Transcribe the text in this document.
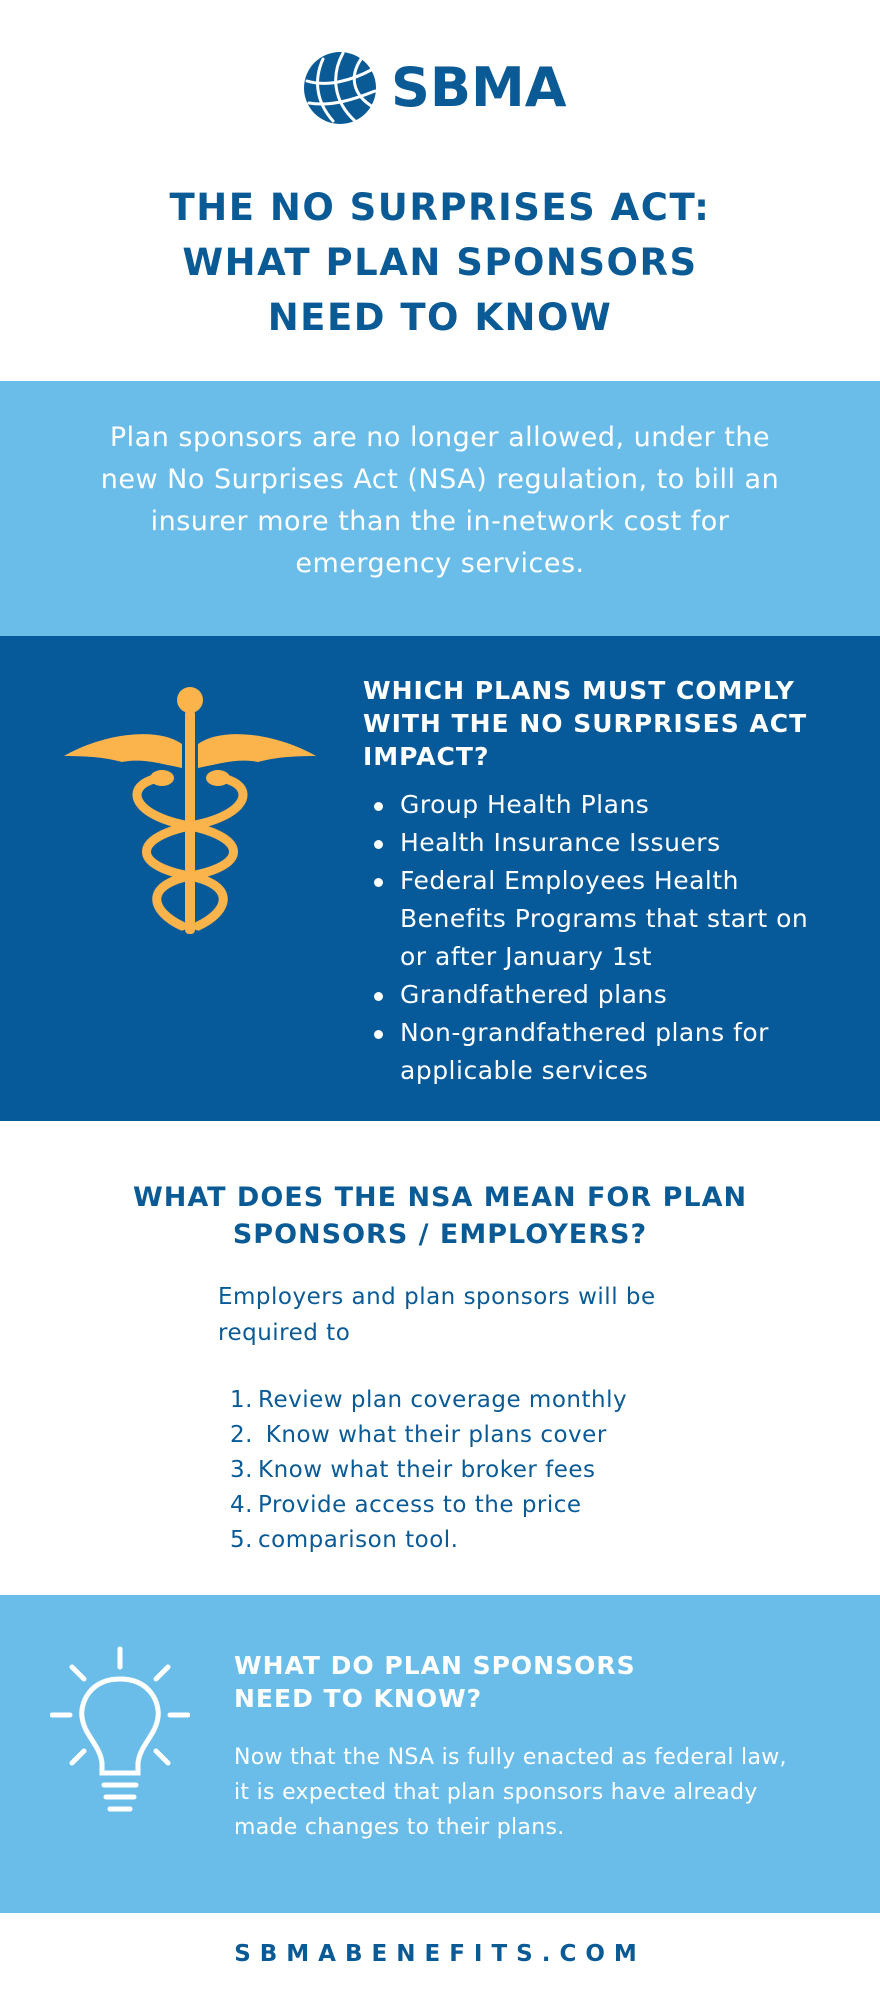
SBMA
THE NO SURPRISES ACT:
WHAT PLAN SPONSORS
NEED TO KNOW

Plan sponsors are no longer allowed, under the new No Surprises Act (NSA) regulation, to bill an insurer more than the in-network cost for emergency services.

WHICH PLANS MUST COMPLY WITH THE NO SURPRISES ACT IMPACT?
Group Health Plans
Health Insurance Issuers
Federal Employees Health Benefits Programs that start on or after January 1st
Grandfathered plans
Non-grandfathered plans for applicable services
WHAT DOES THE NSA MEAN FOR PLAN
SPONSORS / EMPLOYERS?

Employers and plan sponsors will be required to

1. Review plan coverage monthly
2. Know what their plans cover
3. Know what their broker fees
4. Provide access to the price
5. comparison tool.
WHAT DO PLAN SPONSORS
NEED TO KNOW?

Now that the NSA is fully enacted as federal law, it is expected that plan sponsors have already made changes to their plans.

SBMABENEFITS.COM
